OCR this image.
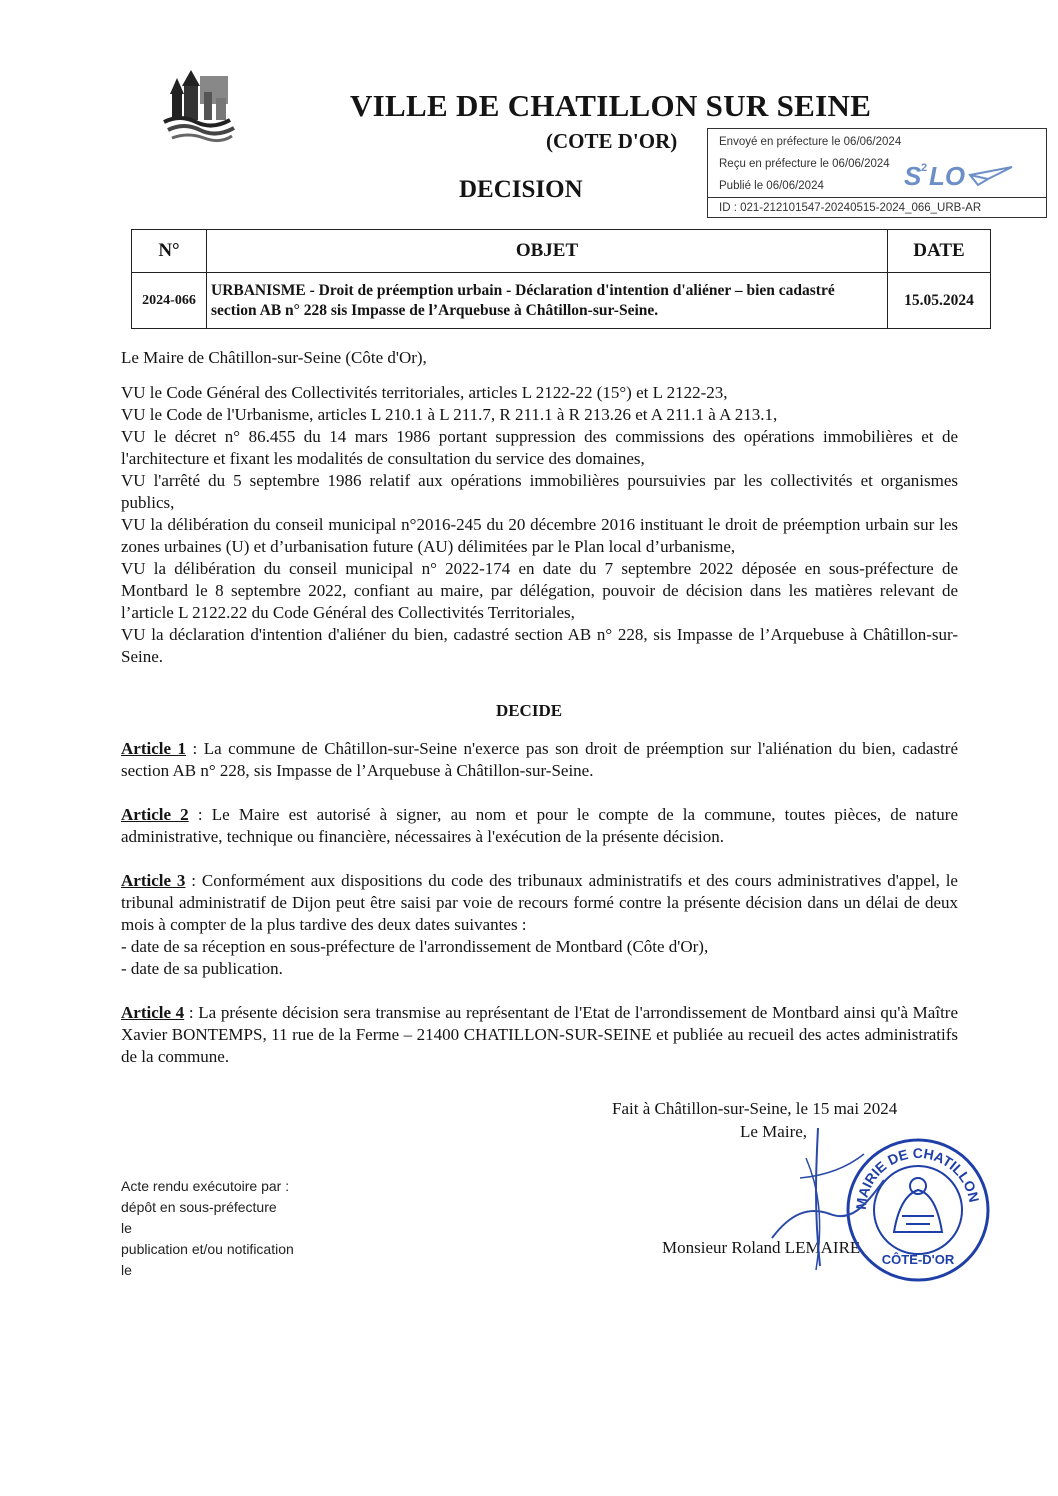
VILLE DE CHATILLON SUR SEINE
(COTE D'OR)
DECISION
Envoyé en préfecture le 06/06/2024
Reçu en préfecture le 06/06/2024
Publié le 06/06/2024
ID : 021-212101547-20240515-2024_066_URB-AR
S 2 LO
N°	OBJET	DATE
2024-066	URBANISME - Droit de préemption urbain - Déclaration d'intention d'aliéner – bien cadastré section AB n° 228 sis Impasse de l’Arquebuse à Châtillon-sur-Seine.	15.05.2024

Le Maire de Châtillon-sur-Seine (Côte d'Or),

VU le Code Général des Collectivités territoriales, articles L 2122-22 (15°) et L 2122-23,

VU le Code de l'Urbanisme, articles L 210.1 à L 211.7, R 211.1 à R 213.26 et A 211.1 à A 213.1,

VU le décret n° 86.455 du 14 mars 1986 portant suppression des commissions des opérations immobilières et de l'architecture et fixant les modalités de consultation du service des domaines,

VU l'arrêté du 5 septembre 1986 relatif aux opérations immobilières poursuivies par les collectivités et organismes publics,

VU la délibération du conseil municipal n°2016-245 du 20 décembre 2016 instituant le droit de préemption urbain sur les zones urbaines (U) et d’urbanisation future (AU) délimitées par le Plan local d’urbanisme,

VU la délibération du conseil municipal n° 2022-174 en date du 7 septembre 2022 déposée en sous-préfecture de Montbard le 8 septembre 2022, confiant au maire, par délégation, pouvoir de décision dans les matières relevant de l’article L 2122.22 du Code Général des Collectivités Territoriales,

VU la déclaration d'intention d'aliéner du bien, cadastré section AB n° 228, sis Impasse de l’Arquebuse à Châtillon-sur-Seine.

DECIDE
Article 1 : La commune de Châtillon-sur-Seine n'exerce pas son droit de préemption sur l'aliénation du bien, cadastré section AB n° 228, sis Impasse de l’Arquebuse à Châtillon-sur-Seine.
Article 2 : Le Maire est autorisé à signer, au nom et pour le compte de la commune, toutes pièces, de nature administrative, technique ou financière, nécessaires à l'exécution de la présente décision.
Article 3 : Conformément aux dispositions du code des tribunaux administratifs et des cours administratives d'appel, le tribunal administratif de Dijon peut être saisi par voie de recours formé contre la présente décision dans un délai de deux mois à compter de la plus tardive des deux dates suivantes :
- date de sa réception en sous-préfecture de l'arrondissement de Montbard (Côte d'Or),
- date de sa publication.
Article 4 : La présente décision sera transmise au représentant de l'Etat de l'arrondissement de Montbard ainsi qu'à Maître Xavier BONTEMPS, 11 rue de la Ferme – 21400 CHATILLON-SUR-SEINE et publiée au recueil des actes administratifs de la commune.
Fait à Châtillon-sur-Seine, le 15 mai 2024
Le Maire,
Monsieur Roland LEMAIRE
MAIRIE DE CHATILLON
CÔTE-D'OR
Acte rendu exécutoire par :
dépôt en sous-préfecture
le
publication et/ou notification
le
